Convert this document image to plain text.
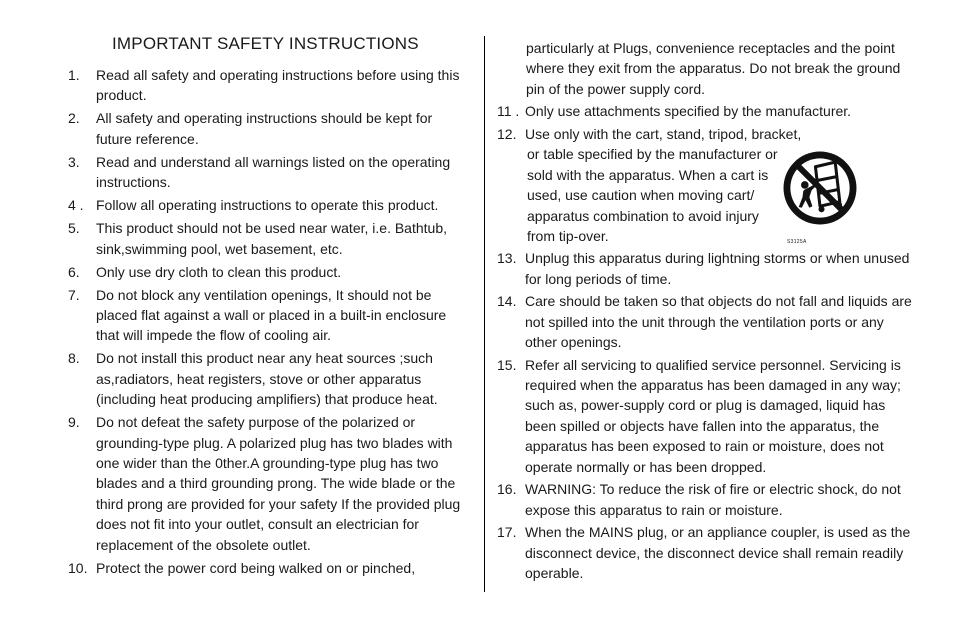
IMPORTANT SAFETY INSTRUCTIONS
1. Read all safety and operating instructions before using this product.
2. All safety and operating instructions should be kept for future reference.
3. Read and understand all warnings listed on the operating instructions.
4 . Follow all operating instructions to operate this product.
5. This product should not be used near water, i.e. Bathtub, sink,swimming pool, wet basement, etc.
6. Only use dry cloth to clean this product.
7. Do not block any ventilation openings, It should not be placed flat against a wall or placed in a built-in enclosure that will impede the flow of cooling air.
8. Do not install this product near any heat sources ;such as,radiators, heat registers, stove or other apparatus (including heat producing amplifiers) that produce heat.
9. Do not defeat the safety purpose of the polarized or grounding-type plug. A polarized plug has two blades with one wider than the 0ther.A grounding-type plug has two blades and a third grounding prong. The wide blade or the third prong are provided for your safety If the provided plug does not fit into your outlet, consult an electrician for replacement of the obsolete outlet.
10. Protect the power cord being walked on or pinched,
particularly at Plugs, convenience receptacles and the point where they exit from the apparatus. Do not break the ground pin of the power supply cord.
11 . Only use attachments specified by the manufacturer.
12. Use only with the cart, stand, tripod, bracket,
or table specified by the manufacturer or sold with the apparatus. When a cart is used, use caution when moving cart/ apparatus combination to avoid injury from tip-over.
13. Unplug this apparatus during lightning storms or when unused for long periods of time.
14. Care should be taken so that objects do not fall and liquids are not spilled into the unit through the ventilation ports or any other openings.
15. Refer all servicing to qualified service personnel. Servicing is required when the apparatus has been damaged in any way; such as, power-supply cord or plug is damaged, liquid has been spilled or objects have fallen into the apparatus, the apparatus has been exposed to rain or moisture, does not operate normally or has been dropped.
16. WARNING: To reduce the risk of fire or electric shock, do not expose this apparatus to rain or moisture.
17. When the MAINS plug, or an appliance coupler, is used as the disconnect device, the disconnect device shall remain readily operable.
S3125A
